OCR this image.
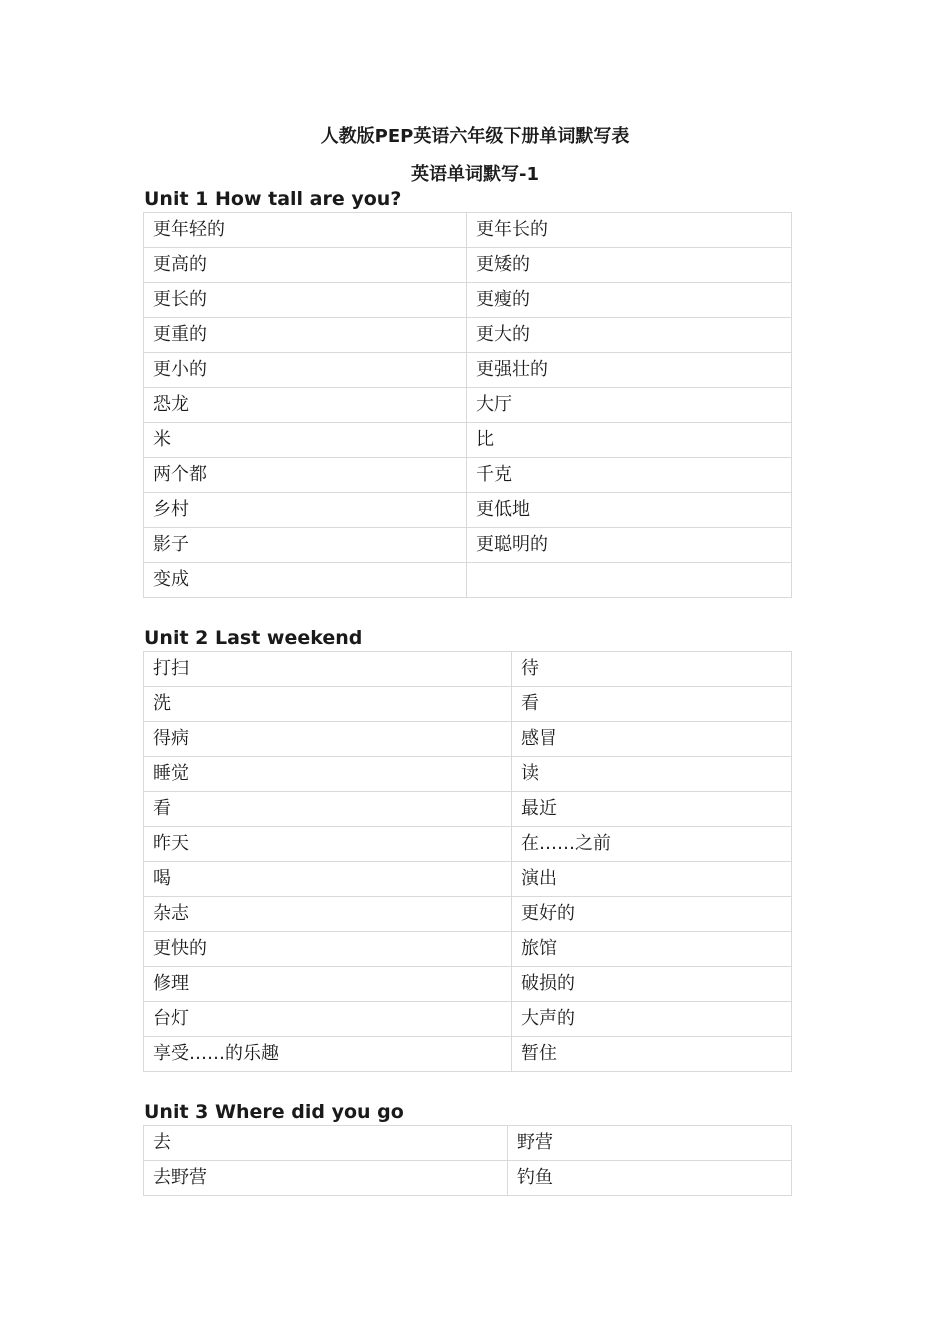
人教版PEP英语六年级下册单词默写表
英语单词默写-1
Unit 1 How tall are you?
更年轻的	更年长的
更高的	更矮的
更长的	更瘦的
更重的	更大的
更小的	更强壮的
恐龙	大厅
米	比
两个都	千克
乡村	更低地
影子	更聪明的
变成	
Unit 2 Last weekend
打扫	待
洗	看
得病	感冒
睡觉	读
看	最近
昨天	在……之前
喝	演出
杂志	更好的
更快的	旅馆
修理	破损的
台灯	大声的
享受……的乐趣	暂住
Unit 3 Where did you go
去	野营
去野营	钓鱼
